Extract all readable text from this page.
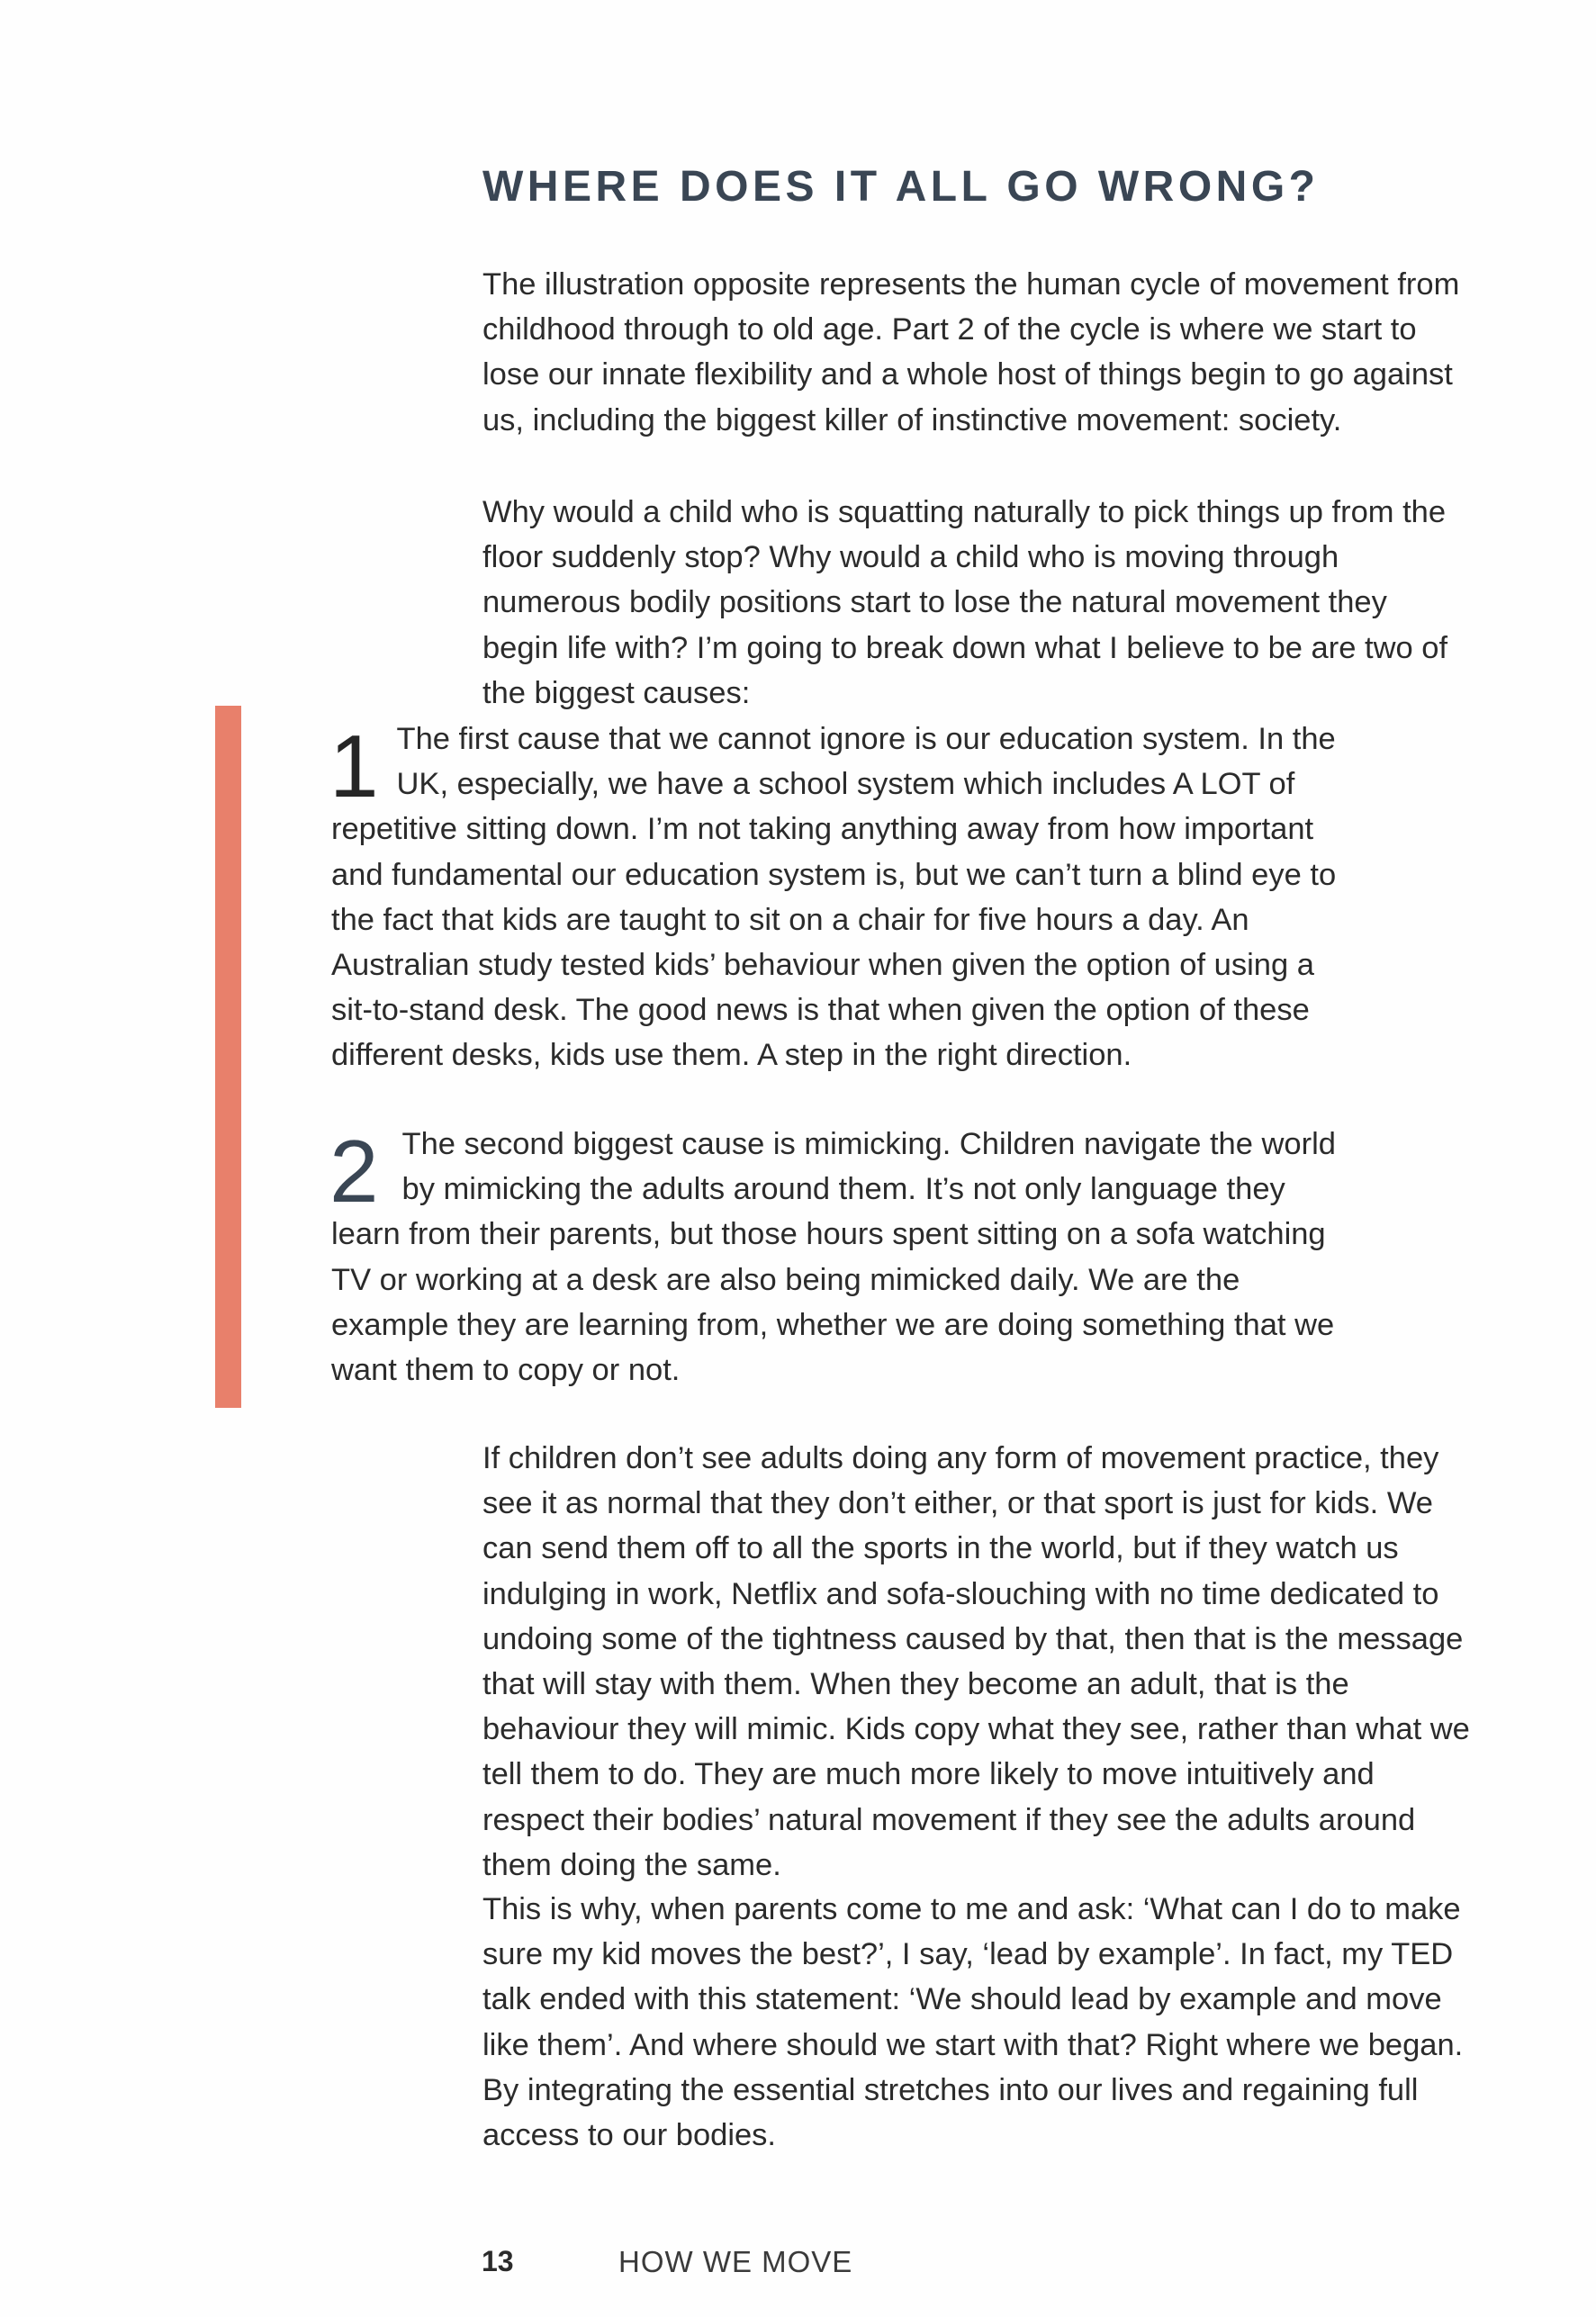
WHERE DOES IT ALL GO WRONG?

The illustration opposite represents the human cycle of movement from childhood through to old age. Part 2 of the cycle is where we start to lose our innate flexibility and a whole host of things begin to go against us, including the biggest killer of instinctive movement: society.

Why would a child who is squatting naturally to pick things up from the floor suddenly stop? Why would a child who is moving through numerous bodily positions start to lose the natural movement they begin life with? I’m going to break down what I believe to be are two of the biggest causes:

1 The first cause that we cannot ignore is our education system. In the UK, especially, we have a school system which includes A LOT of repetitive sitting down. I’m not taking anything away from how important and fundamental our education system is, but we can’t turn a blind eye to the fact that kids are taught to sit on a chair for five hours a day. An Australian study tested kids’ behaviour when given the option of using a sit-to-stand desk. The good news is that when given the option of these different desks, kids use them. A step in the right direction.

2 The second biggest cause is mimicking. Children navigate the world by mimicking the adults around them. It’s not only language they learn from their parents, but those hours spent sitting on a sofa watching TV or working at a desk are also being mimicked daily. We are the example they are learning from, whether we are doing something that we want them to copy or not.

If children don’t see adults doing any form of movement practice, they see it as normal that they don’t either, or that sport is just for kids. We can send them off to all the sports in the world, but if they watch us indulging in work, Netflix and sofa-slouching with no time dedicated to undoing some of the tightness caused by that, then that is the message that will stay with them. When they become an adult, that is the behaviour they will mimic. Kids copy what they see, rather than what we tell them to do. They are much more likely to move intuitively and respect their bodies’ natural movement if they see the adults around them doing the same.

This is why, when parents come to me and ask: ‘What can I do to make sure my kid moves the best?’, I say, ‘lead by example’. In fact, my TED talk ended with this statement: ‘We should lead by example and move like them’. And where should we start with that? Right where we began. By integrating the essential stretches into our lives and regaining full access to our bodies.

13	HOW WE MOVE
